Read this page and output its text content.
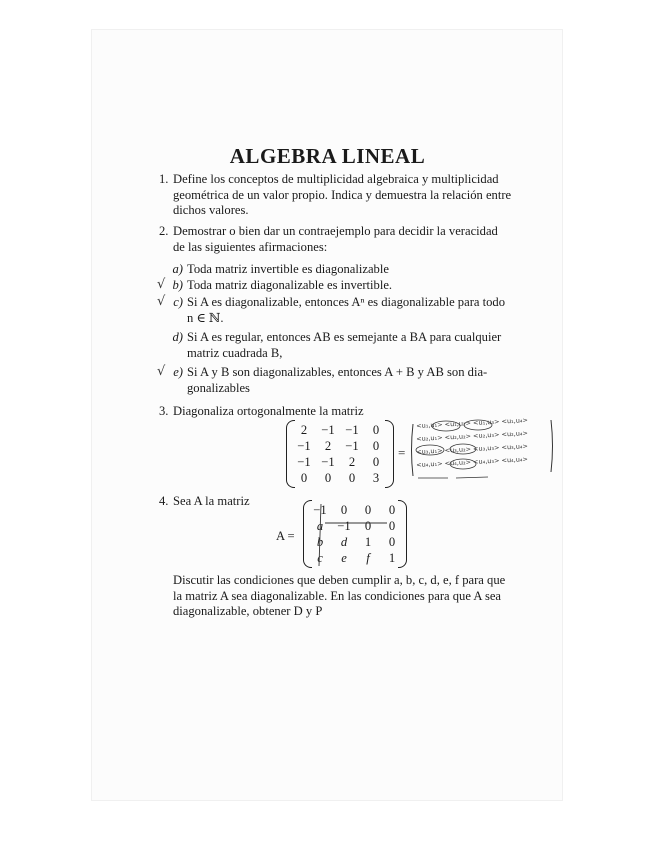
ALGEBRA LINEAL
1. Define los conceptos de multiplicidad algebraica y multiplicidad
geométrica de un valor propio. Indica y demuestra la relación entre
dichos valores.
2. Demostrar o bien dar un contraejemplo para decidir la veracidad
de las siguientes afirmaciones:
a) Toda matriz invertible es diagonalizable
√ b) Toda matriz diagonalizable es invertible.
√ c) Si A es diagonalizable, entonces Aⁿ es diagonalizable para todo
n ∈ ℕ.
d) Si A es regular, entonces AB es semejante a BA para cualquier
matriz cuadrada B,
√ e) Si A y B son diagonalizables, entonces A + B y AB son dia-
gonalizables
3. Diagonaliza ortogonalmente la matriz
2	−1	−1	0
−1	2	−1	0
−1	−1	2	0
0	0	0	3
=
<u₁,u₁> <u₁,u₂> <u₁,u₃> <u₁,u₄>
<u₂,u₁> <u₂,u₂> <u₂,u₃> <u₂,u₄>
<u₃,u₁> <u₃,u₂> <u₃,u₃> <u₃,u₄>
<u₄,u₁> <u₄,u₂> <u₄,u₃> <u₄,u₄>
4. Sea A la matriz
A =
−1	0	0	0
a	−1	0	0
b	d	1	0
c	e	f	1
Discutir las condiciones que deben cumplir a, b, c, d, e, f para que
la matriz A sea diagonalizable. En las condiciones para que A sea
diagonalizable, obtener D y P
